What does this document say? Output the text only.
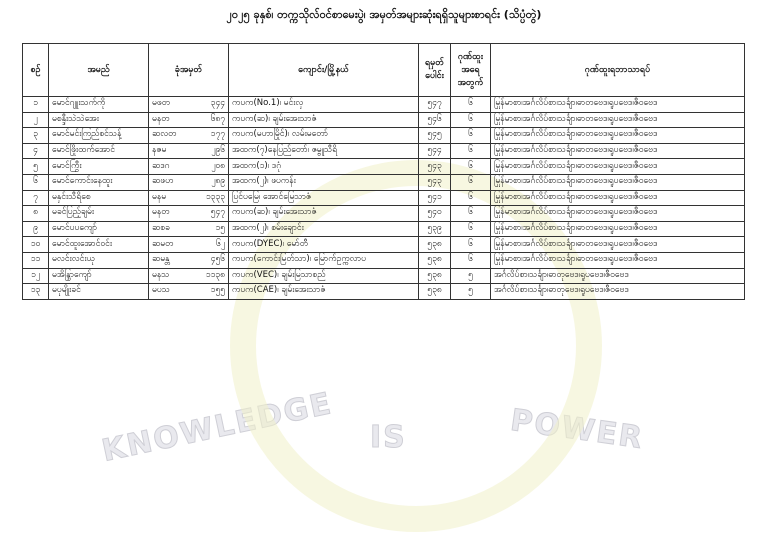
KNOWLEDGE IS	POWER
၂၀၂၅ ခုနှစ်၊ တက္ကသိုလ်ဝင်စာမေးပွဲ၊ အမှတ်အများဆုံးရရှိသူများစာရင်း (သိပ္ပံတွဲ)
စဉ်	အမည်	ခုံအမှတ်	ကျောင်း/မြို့နယ်	ရမှတ် ပေါင်း	ဂုဏ်ထူး အရေ အတွက်	ဂုဏ်ထူးရဘာသာရပ်
၁	မောင်ဂျူးသက်ကို	မဖတ ၃၄၄	ကပက(No.1)၊ မင်းလှ	၅၄၇	၆	မြန်မာစာ၊အင်္ဂလိပ်စာ၊သင်္ချာ၊ဓာတုဗေဒ၊ရူပဗေဒ၊ဇီဝဗေဒ
၂	မစန္ဒီးသဲသဲအေး	မနတ ၆၈၇	ကပက(ဆ)၊ ချမ်းအေးသာဇံ	၅၄၆	၆	မြန်မာစာ၊အင်္ဂလိပ်စာ၊သင်္ချာ၊ဓာတုဗေဒ၊ရူပဗေဒ၊ဇီဝဗေဒ
၃	မောင်မင်းကြည်စင်သန့်	ဆလတ ၁၇၇	ကပက(မဟာမြိုင်)၊ လမ်းမတော်	၅၄၅	၆	မြန်မာစာ၊အင်္ဂလိပ်စာ၊သင်္ချာ၊ဓာတုဗေဒ၊ရူပဗေဒ၊ဇီဝဗေဒ
၄	မောင်ဖြိုးထက်အောင်	နဇမ ၂၉၆	အထက(၇)နေပြည်တော်၊ ဇမ္ဗူသီရိ	၅၄၄	၆	မြန်မာစာ၊အင်္ဂလိပ်စာ၊သင်္ချာ၊ဓာတုဗေဒ၊ရူပဗေဒ၊ဇီဝဗေဒ
၅	မောင်ကြွီး	ဆဒဂ ၂၀၈	အထက(၁)၊ ဒဂုံ	၅၄၃	၆	မြန်မာစာ၊အင်္ဂလိပ်စာ၊သင်္ချာ၊ဓာတုဗေဒ၊ရူပဗေဒ၊ဇီဝဗေဒ
၆	မောင်ကောင်းနေထူး	ဆဖဟ ၂၈၉	အထက(၂)၊ ဖပကန်း	၅၄၃	၆	မြန်မာစာ၊အင်္ဂလိပ်စာ၊သင်္ချာ၊ဓာတုဗေဒ၊ရူပဗေဒ၊ဇီဝဗေဒ
၇	မနှင်းသီရိစေ	မနမ ၁၃၃၃	ပြင်ပမြေ၊ အောင်မြေသာဇံ	၅၄၁	၆	မြန်မာစာ၊အင်္ဂလိပ်စာ၊သင်္ချာ၊ဓာတုဗေဒ၊ရူပဗေဒ၊ဇီဝဗေဒ
၈	မခင်ပြည့်ချမ်း	မနတ ၅၄၇	ကပက(ဆ)၊ ချမ်းအေးသာဇံ	၅၄၀	၆	မြန်မာစာ၊အင်္ဂလိပ်စာ၊သင်္ချာ၊ဓာတုဗေဒ၊ရူပဗေဒ၊ဇီဝဗေဒ
၉	မောင်ပပကျော်	ဆစခ ၁၅	အထက(၂)၊ စမ်းချောင်း	၅၃၉	၆	မြန်မာစာ၊အင်္ဂလိပ်စာ၊သင်္ချာ၊ဓာတုဗေဒ၊ရူပဗေဒ၊ဇီဝဗေဒ
၁၀	မောင်ထူးအောင်ဝင်း	ဆမတ ၆၂	ကပက(DYEC)၊ မော်တီ	၅၃၈	၆	မြန်မာစာ၊အင်္ဂလိပ်စာ၊သင်္ချာ၊ဓာတုဗေဒ၊ရူပဗေဒ၊ဇီဝဗေဒ
၁၁	မလင်းလင်းယု	ဆမန္တ ၄၅၆	ကပက(ကောင်းမြတ်သာ)၊ မြောက်ဥက္ကလာပ	၅၃၈	၆	မြန်မာစာ၊အင်္ဂလိပ်စာ၊သင်္ချာ၊ဓာတုဗေဒ၊ရူပဗေဒ၊ဇီဝဗေဒ
၁၂	မအိန္ဒြာကျော်	မနသ ၁၁၃၈	ကပက(VEC)၊ ချမ်းမြသာစည်	၅၃၈	၅	အင်္ဂလိပ်စာ၊သင်္ချာ၊ဓာတုဗေဒ၊ရူပဗေဒ၊ဇီဝဗေဒ
၁၃	မပုမျိုးခင်	မပသ ၁၅၅	ကပက(CAE)၊ ချမ်းအေးသာဇံ	၅၃၈	၅	အင်္ဂလိပ်စာ၊သင်္ချာ၊ဓာတုဗေဒ၊ရူပဗေဒ၊ဇီဝဗေဒ
